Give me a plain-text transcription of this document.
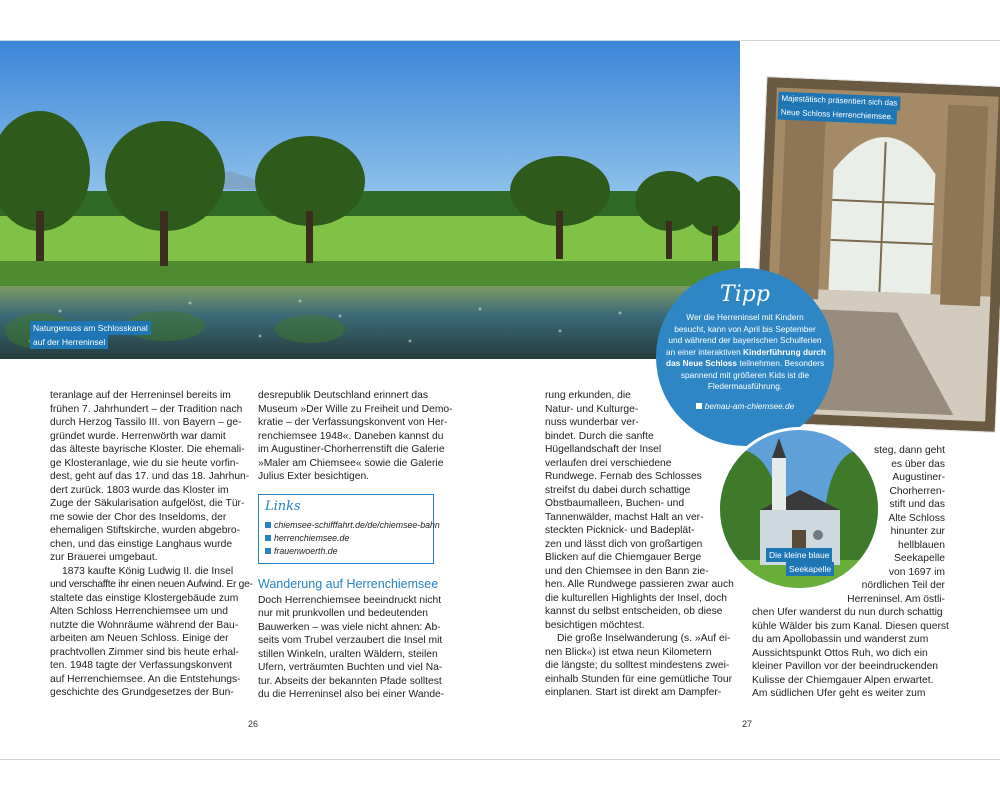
Naturgenuss am Schlosskanal
auf der Herreninsel
Majestätisch präsentiert sich das
Neue Schloss Herrenchiemsee.
Tipp
Wer die Herreninsel mit Kindern
besucht, kann von April bis September
und während der bayerischen Schulferien
an einer interaktiven Kinderführung durch
das Neue Schloss teilnehmen. Besonders
spannend mit größeren Kids ist die
Fledermausführung.
bemau-am-chiemsee.de
Die kleine blaue
Seekapelle
teranlage auf der Herreninsel bereits im
frühen 7. Jahrhundert – der Tradition nach
durch Herzog Tassilo III. von Bayern – ge-
gründet wurde. Herrenwörth war damit
das älteste bayrische Kloster. Die ehemali-
ge Klosteranlage, wie du sie heute vorfin-
dest, geht auf das 17. und das 18. Jahrhun-
dert zurück. 1803 wurde das Kloster im
Zuge der Säkularisation aufgelöst, die Tür-
me sowie der Chor des Inseldoms, der
ehemaligen Stiftskirche, wurden abgebro-
chen, und das einstige Langhaus wurde
zur Brauerei umgebaut.
1873 kaufte König Ludwig II. die Insel
und verschaffte ihr einen neuen Aufwind. Er ge-
staltete das einstige Klostergebäude zum
Alten Schloss Herrenchiemsee um und
nutzte die Wohnräume während der Bau-
arbeiten am Neuen Schloss. Einige der
prachtvollen Zimmer sind bis heute erhal-
ten. 1948 tagte der Verfassungskonvent
auf Herrenchiemsee. An die Entstehungs-
geschichte des Grundgesetzes der Bun-
desrepublik Deutschland erinnert das
Museum »Der Wille zu Freiheit und Demo-
kratie – der Verfassungskonvent von Her-
renchiemsee 1948«. Daneben kannst du
im Augustiner-Chorherrenstift die Galerie
»Maler am Chiemsee« sowie die Galerie
Julius Exter besichtigen.
Links
chiemsee-schifffahrt.de/de/chiemsee-bahn
herrenchiemsee.de
frauenwoerth.de
Wanderung auf Herrenchiemsee
Doch Herrenchiemsee beeindruckt nicht
nur mit prunkvollen und bedeutenden
Bauwerken – was viele nicht ahnen: Ab-
seits vom Trubel verzaubert die Insel mit
stillen Winkeln, uralten Wäldern, steilen
Ufern, verträumten Buchten und viel Na-
tur. Abseits der bekannten Pfade solltest
du die Herreninsel also bei einer Wande-
rung erkunden, die
Natur- und Kulturge-
nuss wunderbar ver-
bindet. Durch die sanfte
Hügellandschaft der Insel
verlaufen drei verschiedene
Rundwege. Fernab des Schlosses
streifst du dabei durch schattige
Obstbaumalleen, Buchen- und
Tannenwälder, machst Halt an ver-
steckten Picknick- und Badeplät-
zen und lässt dich von großartigen
Blicken auf die Chiemgauer Berge
und den Chiemsee in den Bann zie-
hen. Alle Rundwege passieren zwar auch
die kulturellen Highlights der Insel, doch
kannst du selbst entscheiden, ob diese
besichtigen möchtest.
Die große Inselwanderung (s. »Auf ei-
nen Blick«) ist etwa neun Kilometern
die längste; du solltest mindestens zwei-
einhalb Stunden für eine gemütliche Tour
einplanen. Start ist direkt am Dampfer-
steg, dann geht
es über das
Augustiner-
Chorherren-
stift und das
Alte Schloss
hinunter zur
hellblauen
Seekapelle
von 1697 im
nördlichen Teil der
Herreninsel. Am östli-
chen Ufer wanderst du nun durch schattig
kühle Wälder bis zum Kanal. Diesen querst
du am Apollobassin und wanderst zum
Aussichtspunkt Ottos Ruh, wo dich ein
kleiner Pavillon vor der beeindruckenden
Kulisse der Chiemgauer Alpen erwartet.
Am südlichen Ufer geht es weiter zum
26	27
